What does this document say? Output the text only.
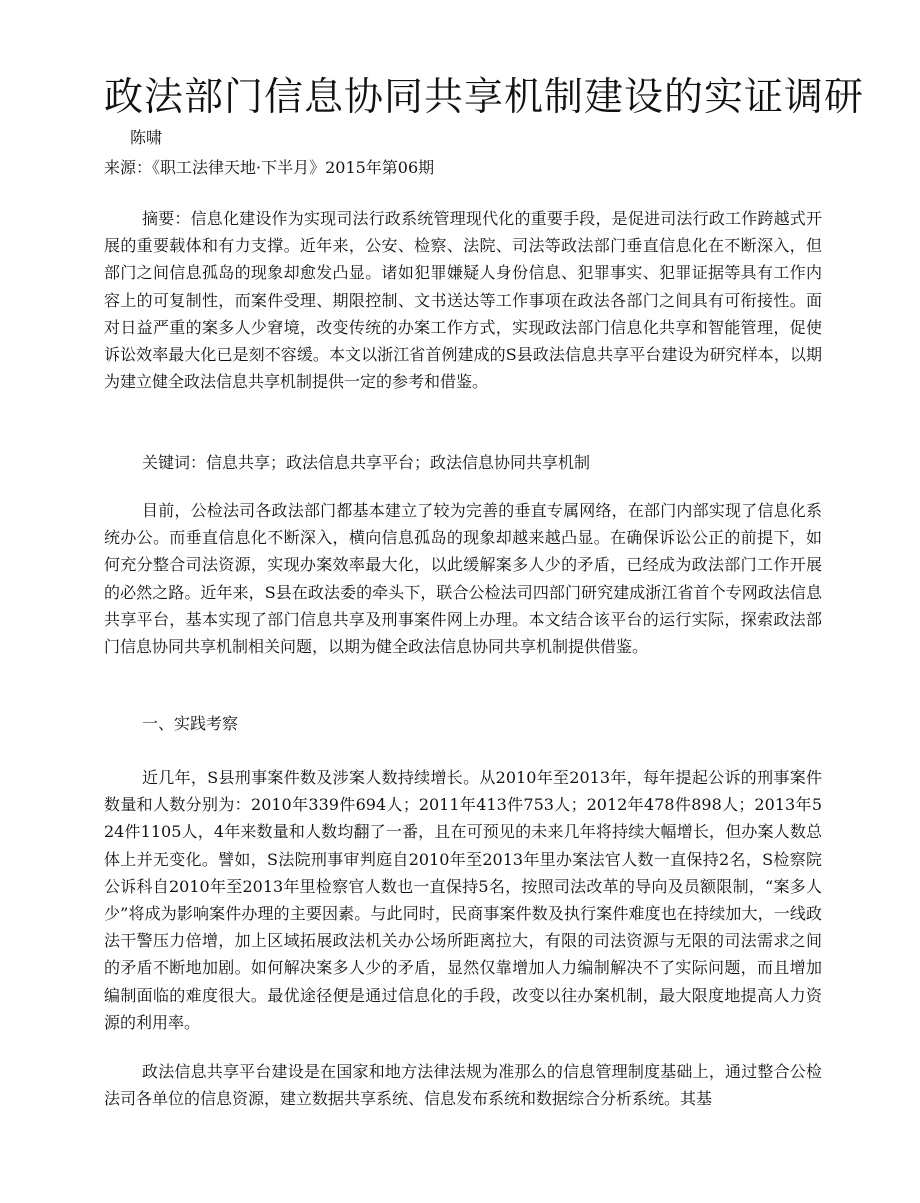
政法部门信息协同共享机制建设的实证调研
陈啸
来源：《职工法律天地·下半月》2015年第06期

摘要：信息化建设作为实现司法行政系统管理现代化的重要手段，是促进司法行政工作跨越式开展的重要载体和有力支撑。近年来，公安、检察、法院、司法等政法部门垂直信息化在不断深入，但部门之间信息孤岛的现象却愈发凸显。诸如犯罪嫌疑人身份信息、犯罪事实、犯罪证据等具有工作内容上的可复制性，而案件受理、期限控制、文书送达等工作事项在政法各部门之间具有可衔接性。面对日益严重的案多人少窘境，改变传统的办案工作方式，实现政法部门信息化共享和智能管理，促使诉讼效率最大化已是刻不容缓。本文以浙江省首例建成的S县政法信息共享平台建设为研究样本，以期为建立健全政法信息共享机制提供一定的参考和借鉴。

关键词：信息共享；政法信息共享平台；政法信息协同共享机制

目前，公检法司各政法部门都基本建立了较为完善的垂直专属网络，在部门内部实现了信息化系统办公。而垂直信息化不断深入，横向信息孤岛的现象却越来越凸显。在确保诉讼公正的前提下，如何充分整合司法资源，实现办案效率最大化，以此缓解案多人少的矛盾，已经成为政法部门工作开展的必然之路。近年来，S县在政法委的牵头下，联合公检法司四部门研究建成浙江省首个专网政法信息共享平台，基本实现了部门信息共享及刑事案件网上办理。本文结合该平台的运行实际，探索政法部门信息协同共享机制相关问题，以期为健全政法信息协同共享机制提供借鉴。

一、实践考察

近几年，S县刑事案件数及涉案人数持续增长。从2010年至2013年，每年提起公诉的刑事案件数量和人数分别为：2010年339件694人；2011年413件753人；2012年478件898人；2013年524件1105人，4年来数量和人数均翻了一番，且在可预见的未来几年将持续大幅增长，但办案人数总体上并无变化。譬如，S法院刑事审判庭自2010年至2013年里办案法官人数一直保持2名，S检察院公诉科自2010年至2013年里检察官人数也一直保持5名，按照司法改革的导向及员额限制，“案多人少”将成为影响案件办理的主要因素。与此同时，民商事案件数及执行案件难度也在持续加大，一线政法干警压力倍增，加上区域拓展政法机关办公场所距离拉大，有限的司法资源与无限的司法需求之间的矛盾不断地加剧。如何解决案多人少的矛盾，显然仅靠增加人力编制解决不了实际问题，而且增加编制面临的难度很大。最优途径便是通过信息化的手段，改变以往办案机制，最大限度地提高人力资源的利用率。

政法信息共享平台建设是在国家和地方法律法规为准那么的信息管理制度基础上，通过整合公检法司各单位的信息资源，建立数据共享系统、信息发布系统和数据综合分析系统。其基
